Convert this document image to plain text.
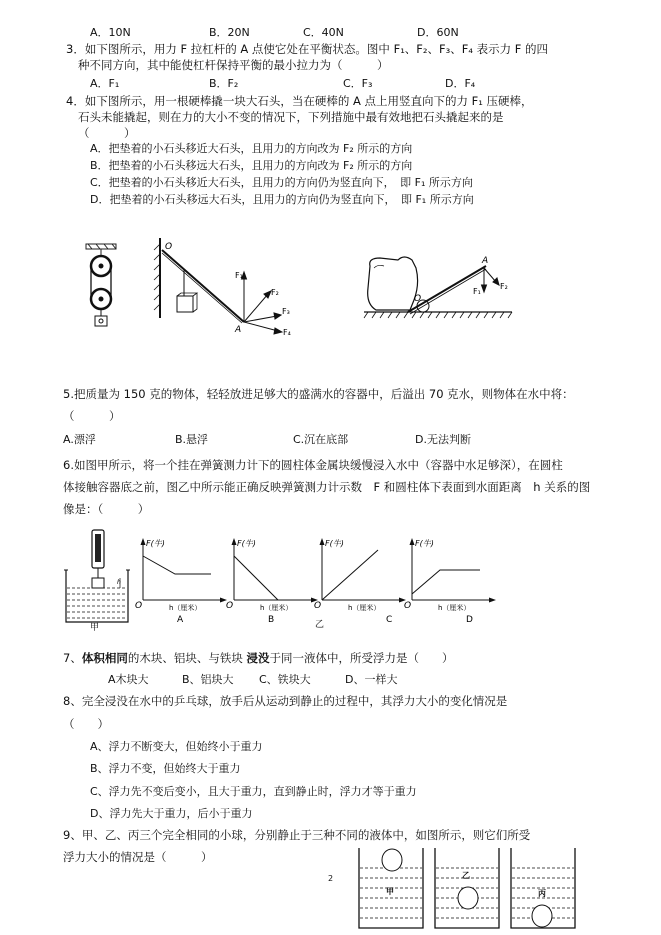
A．10N	B．20N	C．40N	D．60N
3．如下图所示，用力 F 拉杠杆的 A 点使它处在平衡状态。图中 F₁、F₂、F₃、F₄ 表示力 F 的四
种不同方向，其中能使杠杆保持平衡的最小拉力为（　　　）
A．F₁	B．F₂	C．F₃	D．F₄
4．如下图所示，用一根硬棒撬一块大石头，当在硬棒的 A 点上用竖直向下的力 F₁ 压硬棒，
石头未能撬起，则在力的大小不变的情况下，下列措施中最有效地把石头撬起来的是
（　　　）
A．把垫着的小石头移近大石头，且用力的方向改为 F₂ 所示的方向
B．把垫着的小石头移远大石头，且用力的方向改为 F₂ 所示的方向
C．把垫着的小石头移近大石头，且用力的方向仍为竖直向下，　即 F₁ 所示方向
D．把垫着的小石头移远大石头，且用力的方向仍为竖直向下，　即 F₁ 所示方向
O
F₁
F₂
F₃
F₄
A
A
O
F₁
F₂
5.把质量为 150 克的物体，轻轻放进足够大的盛满水的容器中，后溢出 70 克水，则物体在水中将：
（　　　）
A.漂浮	B.悬浮	C.沉在底部	D.无法判断
6.如图甲所示，将一个挂在弹簧测力计下的圆柱体金属块缓慢浸入水中（容器中水足够深），在圆柱
体接触容器底之前，图乙中所示能正确反映弹簧测力计示数　F 和圆柱体下表面到水面距离　h 关系的图
像是：（　　　）
h
甲
F(牛)
O	h（厘米）
A
F(牛)
O	h（厘米）
B
F(牛)
O	h（厘米）
C
F(牛)
O	h（厘米）
D
乙
7、体积相同的木块、铝块、与铁块 浸没于同一液体中，所受浮力是（　　）
A木块大	B、铝块大 C、铁块大	D、一样大
8、完全浸没在水中的乒乓球，放手后从运动到静止的过程中，其浮力大小的变化情况是
（　　）
A、浮力不断变大，但始终小于重力
B、浮力不变，但始终大于重力
C、浮力先不变后变小，且大于重力，直到静止时，浮力才等于重力
D、浮力先大于重力，后小于重力
9、甲、乙、丙三个完全相同的小球，分别静止于三种不同的液体中，如图所示，则它们所受
浮力大小的情况是（　　　）
2
甲
乙
丙
